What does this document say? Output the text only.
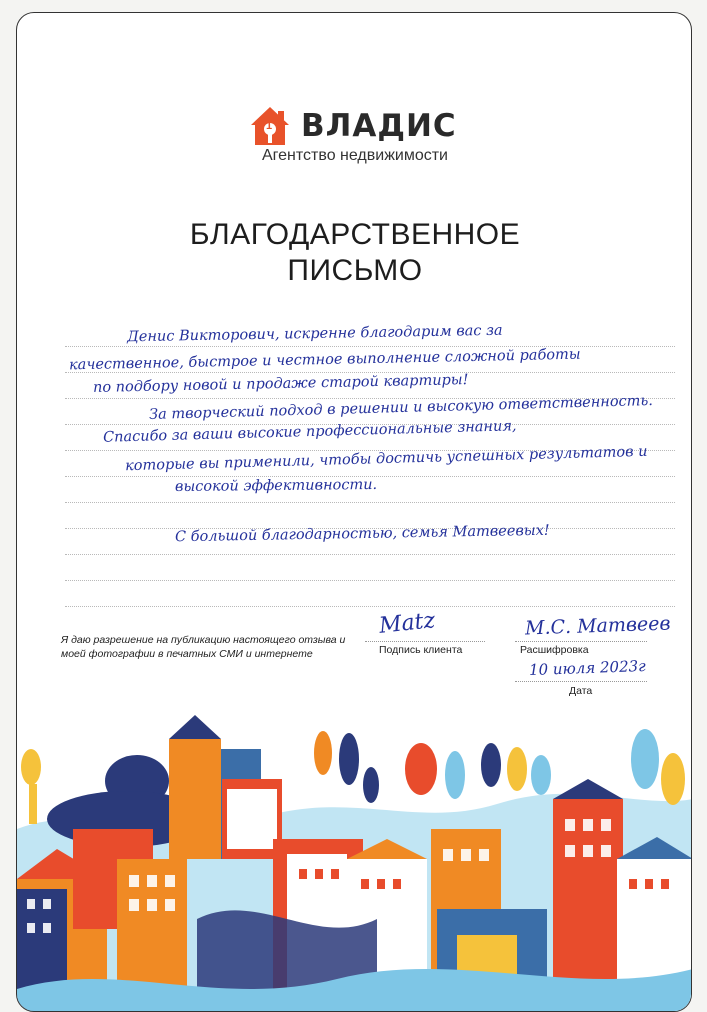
1 ВЛАДИС
Агентство недвижимости
БЛАГОДАРСТВЕННОЕ
ПИСЬМО
Денис Викторович, искренне благодарим вас за
качественное, быстрое и честное выполнение сложной работы
по подбору новой и продаже старой квартиры!
За творческий подход в решении и высокую ответственность.
Спасибо за ваши высокие профессиональные знания,
которые вы применили, чтобы достичь успешных результатов и
высокой эффективности.
С большой благодарностью, семья Матвеевых!
Я даю разрешение на публикацию настоящего отзыва и моей фотографии в печатных СМИ и интернете
Matz
Подпись клиента
М.С. Матвеев
Расшифровка
10 июля 2023г
Дата
